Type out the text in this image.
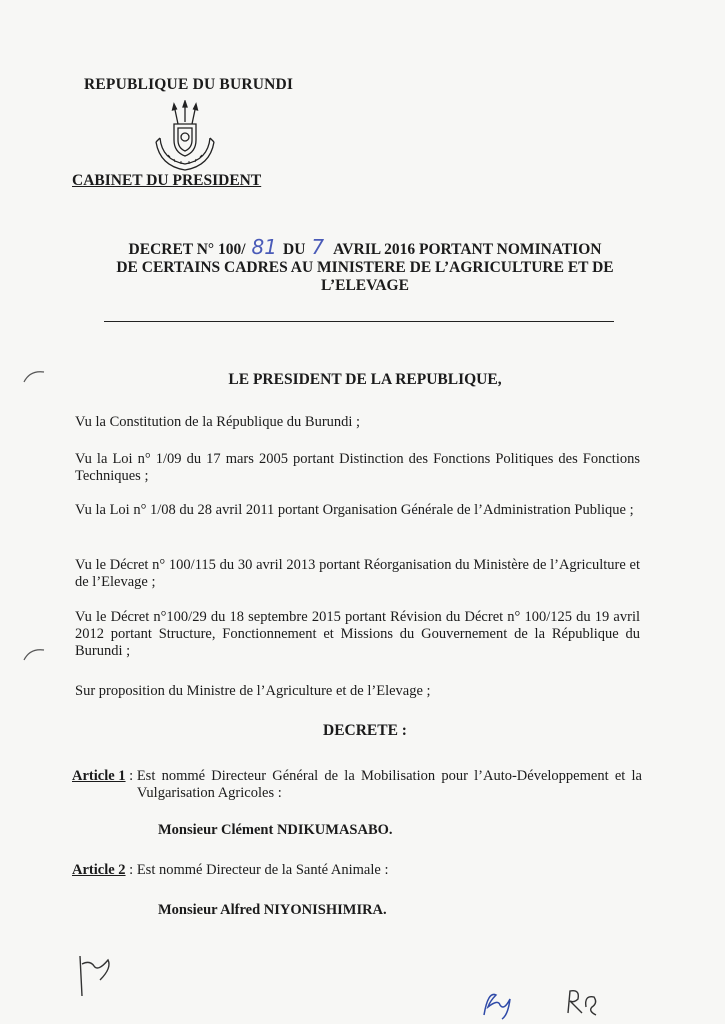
REPUBLIQUE DU BURUNDI
CABINET DU PRESIDENT
DECRET N° 100/ 81 DU 7 AVRIL 2016 PORTANT NOMINATION
DE CERTAINS CADRES AU MINISTERE DE L’AGRICULTURE ET DE
L’ELEVAGE
LE PRESIDENT DE LA REPUBLIQUE,
Vu la Constitution de la République du Burundi ;
Vu la Loi n° 1/09 du 17 mars 2005 portant Distinction des Fonctions Politiques des Fonctions Techniques ;
Vu la Loi n° 1/08 du 28 avril 2011 portant Organisation Générale de l’Administration Publique ;
Vu le Décret n° 100/115 du 30 avril 2013 portant Réorganisation du Ministère de l’Agriculture et de l’Elevage ;
Vu le Décret n°100/29 du 18 septembre 2015 portant Révision du Décret n° 100/125 du 19 avril 2012 portant Structure, Fonctionnement et Missions du Gouvernement de la République du Burundi ;
Sur proposition du Ministre de l’Agriculture et de l’Elevage ;
DECRETE :
Article 1 : Est nommé Directeur Général de la Mobilisation pour l’Auto-Développement et la Vulgarisation Agricoles :
Monsieur Clément NDIKUMASABO.
Article 2 : Est nommé Directeur de la Santé Animale :
Monsieur Alfred NIYONISHIMIRA.
